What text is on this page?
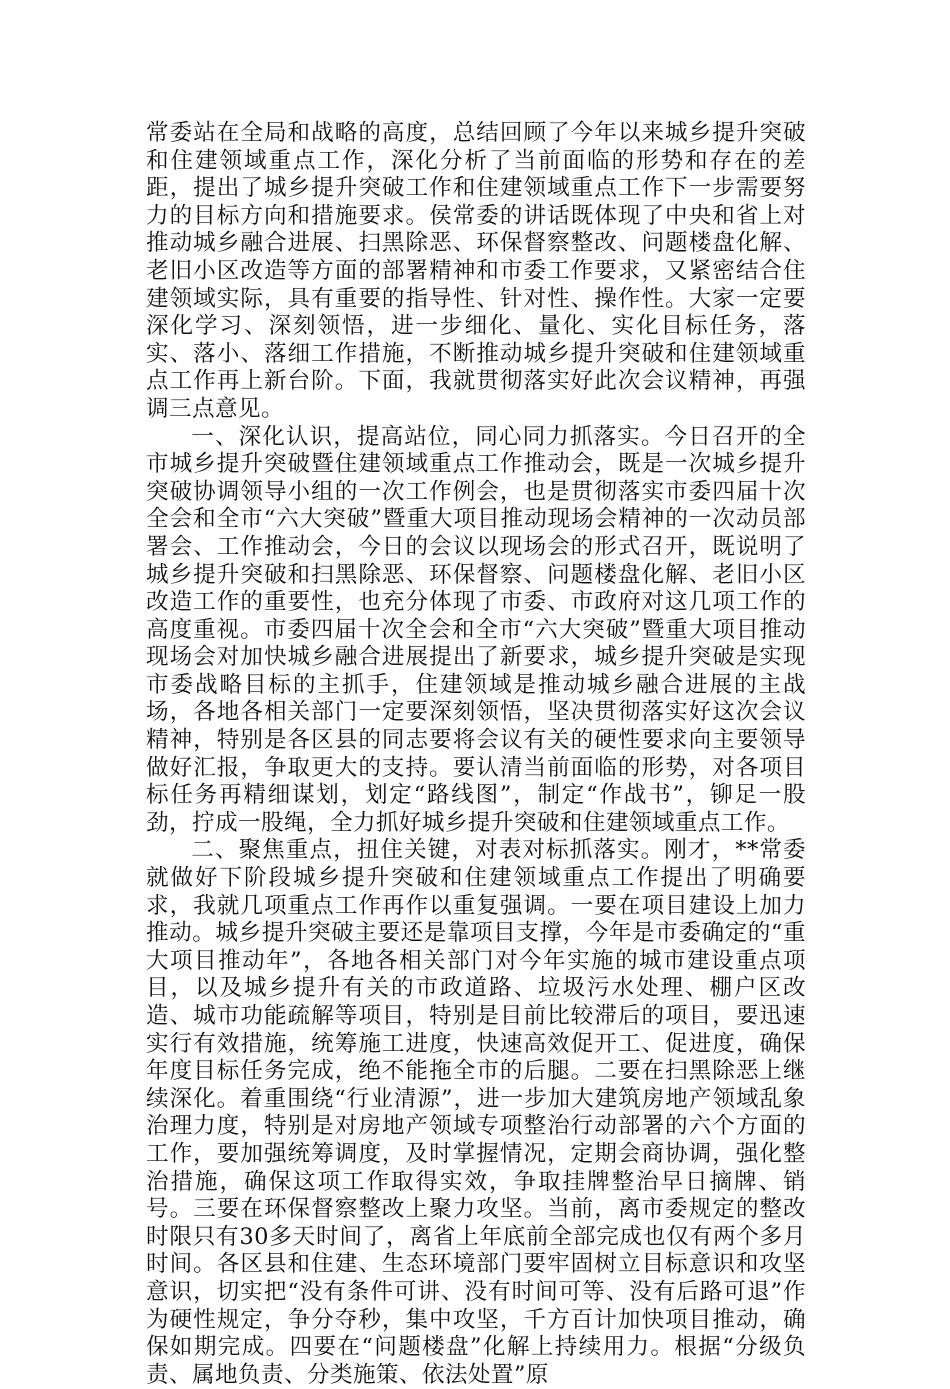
常委站在全局和战略的高度，总结回顾了今年以来城乡提升突破和住建领域重点工作，深化分析了当前面临的形势和存在的差距，提出了城乡提升突破工作和住建领域重点工作下一步需要努力的目标方向和措施要求。侯常委的讲话既体现了中央和省上对推动城乡融合进展、扫黑除恶、环保督察整改、问题楼盘化解、老旧小区改造等方面的部署精神和市委工作要求，又紧密结合住建领域实际，具有重要的指导性、针对性、操作性。大家一定要深化学习、深刻领悟，进一步细化、量化、实化目标任务，落实、落小、落细工作措施，不断推动城乡提升突破和住建领域重点工作再上新台阶。下面，我就贯彻落实好此次会议精神，再强调三点意见。

一、深化认识，提高站位，同心同力抓落实。今日召开的全市城乡提升突破暨住建领域重点工作推动会，既是一次城乡提升突破协调领导小组的一次工作例会，也是贯彻落实市委四届十次全会和全市“六大突破”暨重大项目推动现场会精神的一次动员部署会、工作推动会，今日的会议以现场会的形式召开，既说明了城乡提升突破和扫黑除恶、环保督察、问题楼盘化解、老旧小区改造工作的重要性，也充分体现了市委、市政府对这几项工作的高度重视。市委四届十次全会和全市“六大突破”暨重大项目推动现场会对加快城乡融合进展提出了新要求，城乡提升突破是实现市委战略目标的主抓手，住建领域是推动城乡融合进展的主战场，各地各相关部门一定要深刻领悟，坚决贯彻落实好这次会议精神，特别是各区县的同志要将会议有关的硬性要求向主要领导做好汇报，争取更大的支持。要认清当前面临的形势，对各项目标任务再精细谋划，划定“路线图”，制定“作战书”，铆足一股劲，拧成一股绳，全力抓好城乡提升突破和住建领域重点工作。

二、聚焦重点，扭住关键，对表对标抓落实。刚才，**常委就做好下阶段城乡提升突破和住建领域重点工作提出了明确要求，我就几项重点工作再作以重复强调。一要在项目建设上加力推动。城乡提升突破主要还是靠项目支撑，今年是市委确定的“重大项目推动年”，各地各相关部门对今年实施的城市建设重点项目，以及城乡提升有关的市政道路、垃圾污水处理、棚户区改造、城市功能疏解等项目，特别是目前比较滞后的项目，要迅速实行有效措施，统筹施工进度，快速高效促开工、促进度，确保年度目标任务完成，绝不能拖全市的后腿。二要在扫黑除恶上继续深化。着重围绕“行业清源”，进一步加大建筑房地产领域乱象治理力度，特别是对房地产领域专项整治行动部署的六个方面的工作，要加强统筹调度，及时掌握情况，定期会商协调，强化整治措施，确保这项工作取得实效，争取挂牌整治早日摘牌、销号。三要在环保督察整改上聚力攻坚。当前，离市委规定的整改时限只有30多天时间了，离省上年底前全部完成也仅有两个多月时间。各区县和住建、生态环境部门要牢固树立目标意识和攻坚意识，切实把“没有条件可讲、没有时间可等、没有后路可退”作为硬性规定，争分夺秒，集中攻坚，千方百计加快项目推动，确保如期完成。四要在“问题楼盘”化解上持续用力。根据“分级负责、属地负责、分类施策、依法处置”原
